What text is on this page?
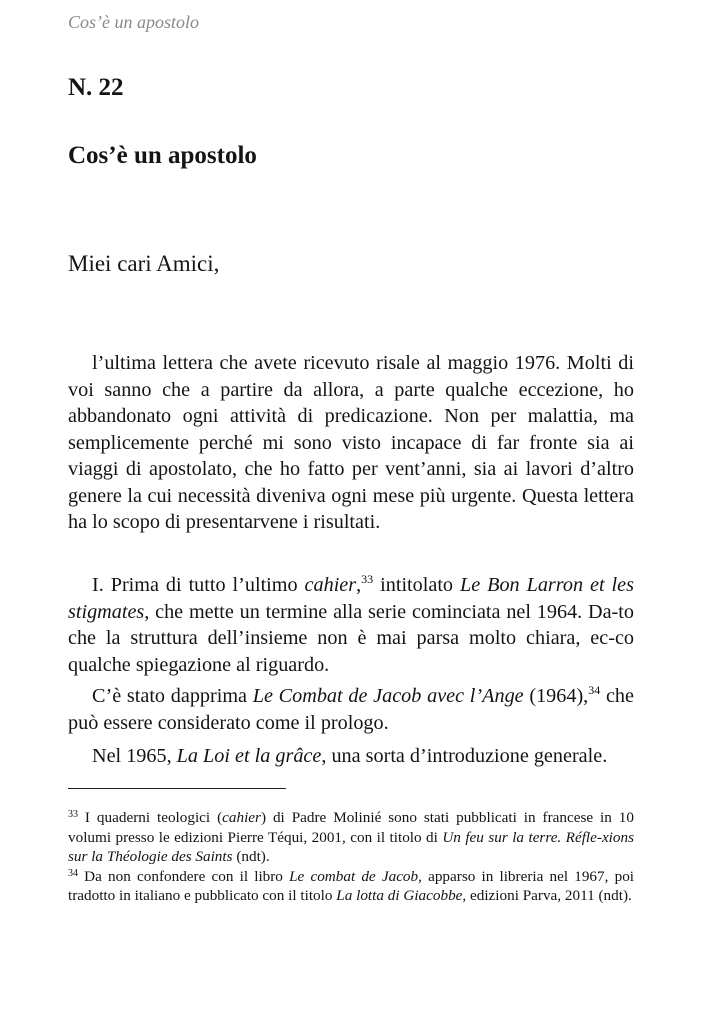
Cos’è un apostolo
N. 22
Cos’è un apostolo
Miei cari Amici,

l’ultima lettera che avete ricevuto risale al maggio 1976. Molti di voi sanno che a partire da allora, a parte qualche eccezione, ho abbandonato ogni attività di predicazione. Non per malattia, ma semplicemente perché mi sono visto incapace di far fronte sia ai viaggi di apostolato, che ho fatto per vent’anni, sia ai lavori d’altro genere la cui necessità diveniva ogni mese più urgente. Questa lettera ha lo scopo di presentarvene i risultati.

I. Prima di tutto l’ultimo cahier,$^{33}$ intitolato Le Bon Larron et les stigmates, che mette un termine alla serie cominciata nel 1964. Da-to che la struttura dell’insieme non è mai parsa molto chiara, ec-co qualche spiegazione al riguardo.

C’è stato dapprima Le Combat de Jacob avec l’Ange (1964),$^{34}$ che può essere considerato come il prologo.

Nel 1965, La Loi et la grâce, una sorta d’introduzione generale.

$^{33}$ I quaderni teologici (cahier) di Padre Molinié sono stati pubblicati in francese in 10 volumi presso le edizioni Pierre Téqui, 2001, con il titolo di Un feu sur la terre. Réfle-xions sur la Théologie des Saints (ndt).

$^{34}$ Da non confondere con il libro Le combat de Jacob, apparso in libreria nel 1967, poi tradotto in italiano e pubblicato con il titolo La lotta di Giacobbe, edizioni Parva, 2011 (ndt).
